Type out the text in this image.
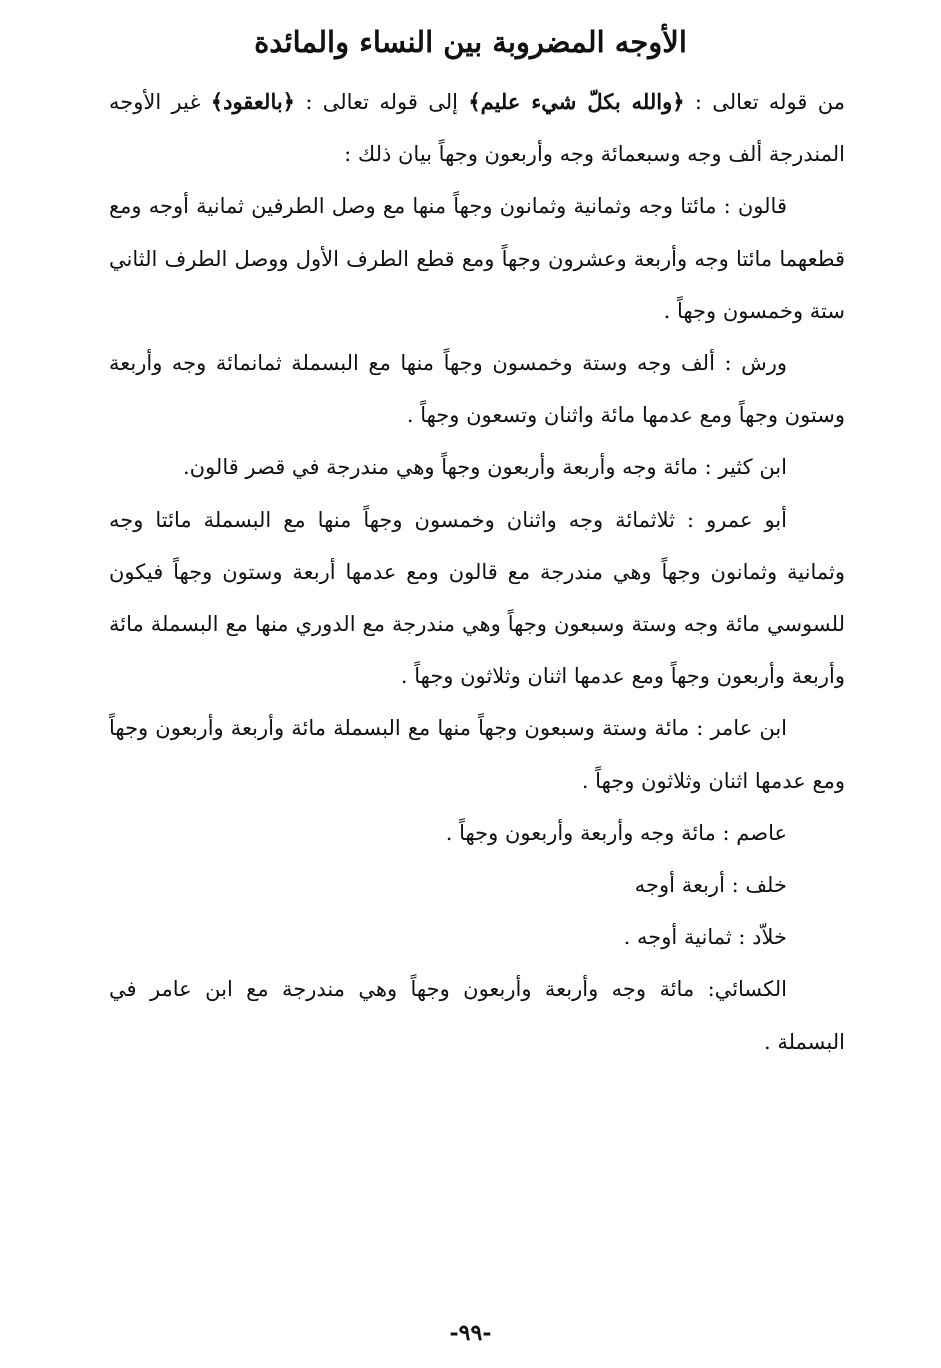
الأوجه المضروبة بين النساء والمائدة

من قوله تعالى : ﴿والله بكلّ شيء عليم﴾ إلى قوله تعالى : ﴿بالعقود﴾ غير الأوجه المندرجة ألف وجه وسبعمائة وجه وأربعون وجهاً بيان ذلك :

قالون : مائتا وجه وثمانية وثمانون وجهاً منها مع وصل الطرفين ثمانية أوجه ومع قطعهما مائتا وجه وأربعة وعشرون وجهاً ومع قطع الطرف الأول ووصل الطرف الثاني ستة وخمسون وجهاً .

ورش : ألف وجه وستة وخمسون وجهاً منها مع البسملة ثمانمائة وجه وأربعة وستون وجهاً ومع عدمها مائة واثنان وتسعون وجهاً .

ابن كثير : مائة وجه وأربعة وأربعون وجهاً وهي مندرجة في قصر قالون.

أبو عمرو : ثلاثمائة وجه واثنان وخمسون وجهاً منها مع البسملة مائتا وجه وثمانية وثمانون وجهاً وهي مندرجة مع قالون ومع عدمها أربعة وستون وجهاً فيكون للسوسي مائة وجه وستة وسبعون وجهاً وهي مندرجة مع الدوري منها مع البسملة مائة وأربعة وأربعون وجهاً ومع عدمها اثنان وثلاثون وجهاً .

ابن عامر : مائة وستة وسبعون وجهاً منها مع البسملة مائة وأربعة وأربعون وجهاً ومع عدمها اثنان وثلاثون وجهاً .

عاصم : مائة وجه وأربعة وأربعون وجهاً .

خلف : أربعة أوجه

خلاّد : ثمانية أوجه .

الكسائي: مائة وجه وأربعة وأربعون وجهاً وهي مندرجة مع ابن عامر في البسملة .

-٩٩-
